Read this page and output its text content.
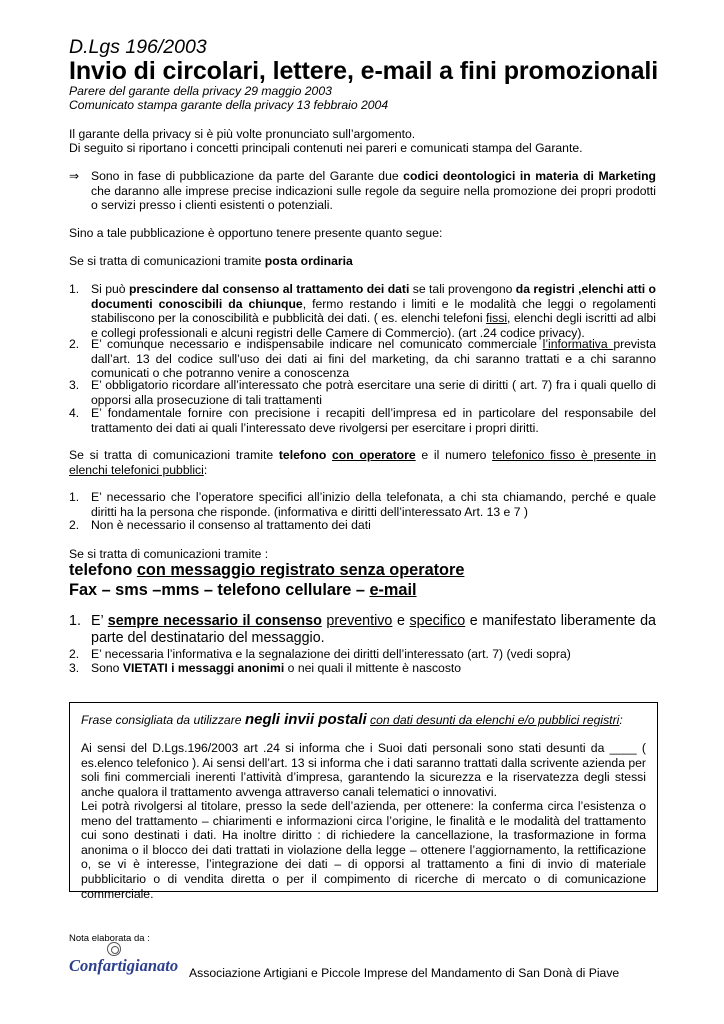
D.Lgs 196/2003
Invio di circolari, lettere, e-mail a fini promozionali
Parere del garante della privacy 29 maggio 2003
Comunicato stampa garante della privacy 13 febbraio 2004
Il garante della privacy si è più volte pronunciato sull’argomento.
Di seguito si riportano i concetti principali contenuti nei pareri e comunicati stampa del Garante.
⇒ Sono in fase di pubblicazione da parte del Garante due codici deontologici in materia di Marketing che daranno alle imprese precise indicazioni sulle regole da seguire nella promozione dei propri prodotti o servizi presso i clienti esistenti o potenziali.
Sino a tale pubblicazione è opportuno tenere presente quanto segue:
Se si tratta di comunicazioni tramite posta ordinaria
1. Si può prescindere dal consenso al trattamento dei dati se tali provengono da registri ,elenchi atti o documenti conoscibili da chiunque, fermo restando i limiti e le modalità che leggi o regolamenti stabiliscono per la conoscibilità e pubblicità dei dati. ( es. elenchi telefoni fissi, elenchi degli iscritti ad albi e collegi professionali e alcuni registri delle Camere di Commercio). (art .24 codice privacy).
2. E’ comunque necessario e indispensabile indicare nel comunicato commerciale l’informativa prevista dall’art. 13 del codice sull’uso dei dati ai fini del marketing, da chi saranno trattati e a chi saranno comunicati o che potranno venire a conoscenza
3. E’ obbligatorio ricordare all’interessato che potrà esercitare una serie di diritti ( art. 7) fra i quali quello di opporsi alla prosecuzione di tali trattamenti
4. E’ fondamentale fornire con precisione i recapiti dell’impresa ed in particolare del responsabile del trattamento dei dati ai quali l’interessato deve rivolgersi per esercitare i propri diritti.
Se si tratta di comunicazioni tramite telefono con operatore e il numero telefonico fisso è presente in elenchi telefonici pubblici:
1. E’ necessario che l’operatore specifici all’inizio della telefonata, a chi sta chiamando, perché e quale diritti ha la persona che risponde. (informativa e diritti dell’interessato Art. 13 e 7 )
2. Non è necessario il consenso al trattamento dei dati
Se si tratta di comunicazioni tramite :
telefono con messaggio registrato senza operatore
Fax – sms –mms – telefono cellulare – e-mail
1. E’ sempre necessario il consenso preventivo e specifico e manifestato liberamente da parte del destinatario del messaggio.
2. E’ necessaria l’informativa e la segnalazione dei diritti dell’interessato (art. 7) (vedi sopra)
3. Sono VIETATI i messaggi anonimi o nei quali il mittente è nascosto
Frase consigliata da utilizzare negli invii postali con dati desunti da elenchi e/o pubblici registri:
Ai sensi del D.Lgs.196/2003 art .24 si informa che i Suoi dati personali sono stati desunti da ____ ( es.elenco telefonico ). Ai sensi dell’art. 13 si informa che i dati saranno trattati dalla scrivente azienda per soli fini commerciali inerenti l’attività d’impresa, garantendo la sicurezza e la riservatezza degli stessi anche qualora il trattamento avvenga attraverso canali telematici o innovativi.
Lei potrà rivolgersi al titolare, presso la sede dell’azienda, per ottenere: la conferma circa l’esistenza o meno del trattamento – chiarimenti e informazioni circa l’origine, le finalità e le modalità del trattamento cui sono destinati i dati. Ha inoltre diritto : di richiedere la cancellazione, la trasformazione in forma anonima o il blocco dei dati trattati in violazione della legge – ottenere l’aggiornamento, la rettificazione o, se vi è interesse, l’integrazione dei dati – di opporsi al trattamento a fini di invio di materiale pubblicitario o di vendita diretta o per il compimento di ricerche di mercato o di comunicazione commerciale.
Nota elaborata da :
Confartigianato Associazione Artigiani e Piccole Imprese del Mandamento di San Donà di Piave
